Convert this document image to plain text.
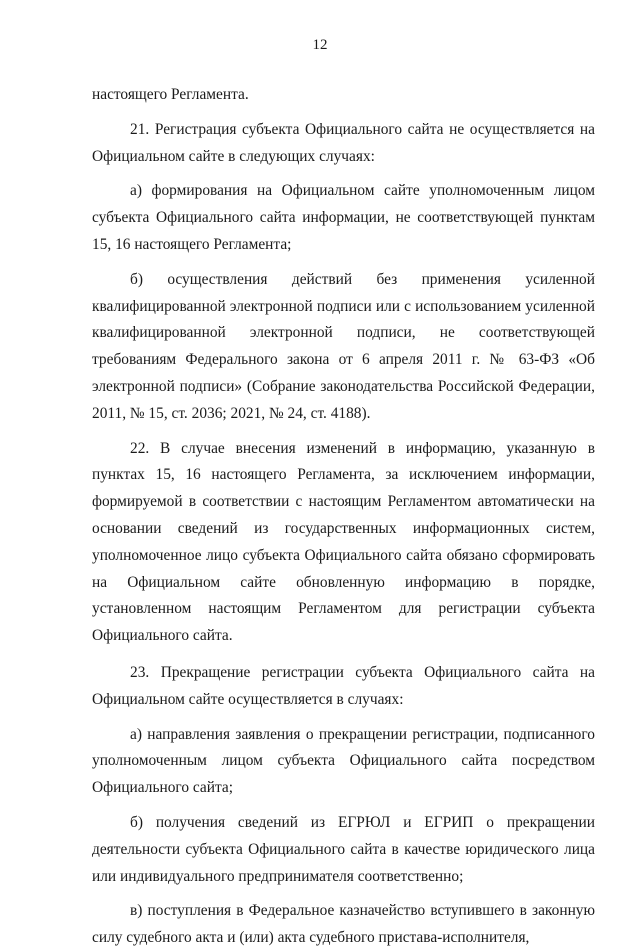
12

настоящего Регламента.

21. Регистрация субъекта Официального сайта не осуществляется на Официальном сайте в следующих случаях:

а) формирования на Официальном сайте уполномоченным лицом субъекта Официального сайта информации, не соответствующей пунктам 15, 16 настоящего Регламента;

б) осуществления действий без применения усиленной квалифицированной электронной подписи или с использованием усиленной квалифицированной электронной подписи, не соответствующей требованиям Федерального закона от 6 апреля 2011 г. № 63-ФЗ «Об электронной подписи» (Собрание законодательства Российской Федерации, 2011, № 15, ст. 2036; 2021, № 24, ст. 4188).

22. В случае внесения изменений в информацию, указанную в пунктах 15, 16 настоящего Регламента, за исключением информации, формируемой в соответствии с настоящим Регламентом автоматически на основании сведений из государственных информационных систем, уполномоченное лицо субъекта Официального сайта обязано сформировать на Официальном сайте обновленную информацию в порядке, установленном настоящим Регламентом для регистрации субъекта Официального сайта.

23. Прекращение регистрации субъекта Официального сайта на Официальном сайте осуществляется в случаях:

а) направления заявления о прекращении регистрации, подписанного уполномоченным лицом субъекта Официального сайта посредством Официального сайта;

б) получения сведений из ЕГРЮЛ и ЕГРИП о прекращении деятельности субъекта Официального сайта в качестве юридического лица или индивидуального предпринимателя соответственно;

в) поступления в Федеральное казначейство вступившего в законную силу судебного акта и (или) акта судебного пристава-исполнителя,
